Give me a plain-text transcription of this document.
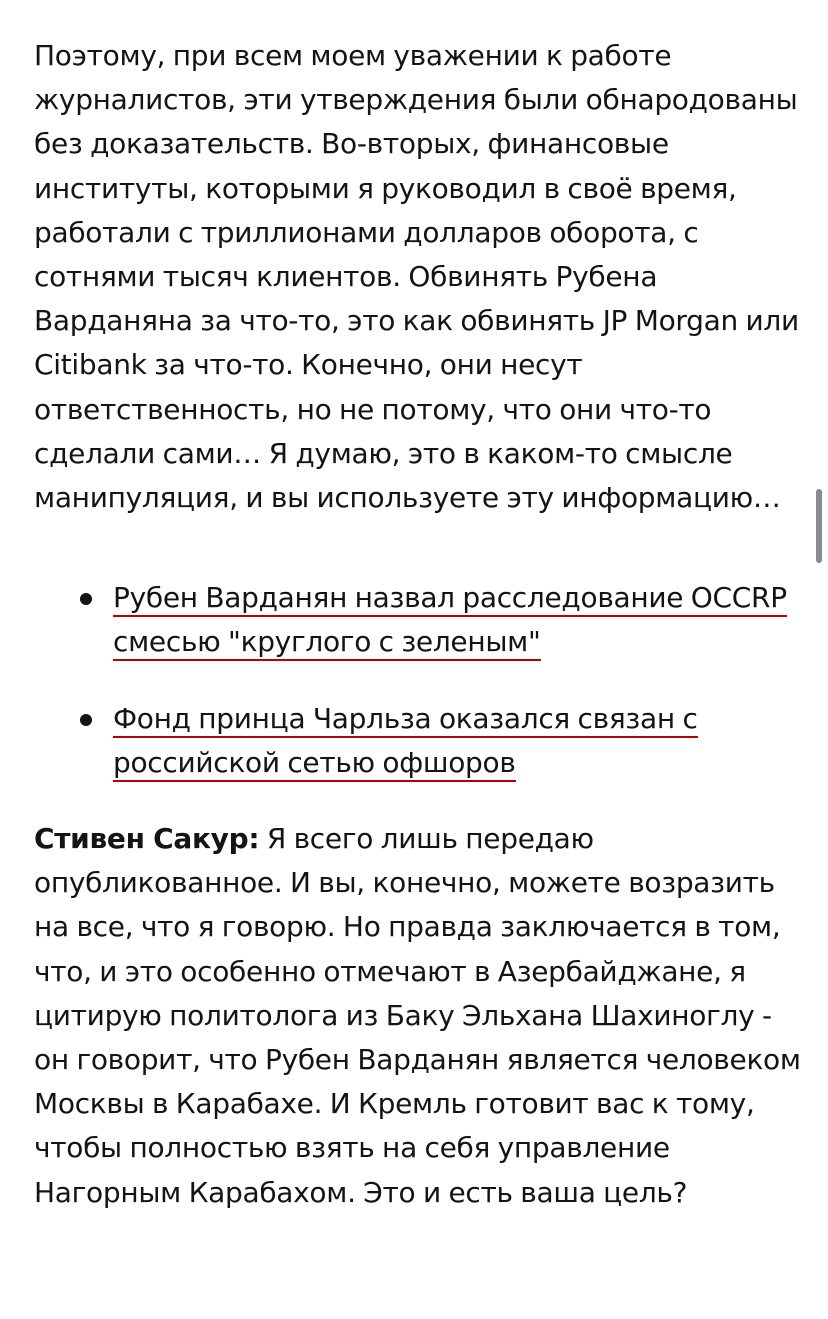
Поэтому, при всем моем уважении к работе журналистов, эти утверждения были обнародованы без доказательств. Во-вторых, финансовые институты, которыми я руководил в своё время, работали с триллионами долларов оборота, с сотнями тысяч клиентов. Обвинять Рубена Варданяна за что-то, это как обвинять JP Morgan или Citibank за что-то. Конечно, они несут ответственность, но не потому, что они что-то сделали сами… Я думаю, это в каком-то смысле манипуляция, и вы используете эту информацию…

Рубен Варданян назвал расследование OCCRP смесью "круглого с зеленым"
Фонд принца Чарльза оказался связан с российской сетью офшоров

Стивен Сакур: Я всего лишь передаю опубликованное. И вы, конечно, можете возразить на все, что я говорю. Но правда заключается в том, что, и это особенно отмечают в Азербайджане, я цитирую политолога из Баку Эльхана Шахиноглу - он говорит, что Рубен Варданян является человеком Москвы в Карабахе. И Кремль готовит вас к тому, чтобы полностью взять на себя управление Нагорным Карабахом. Это и есть ваша цель?
